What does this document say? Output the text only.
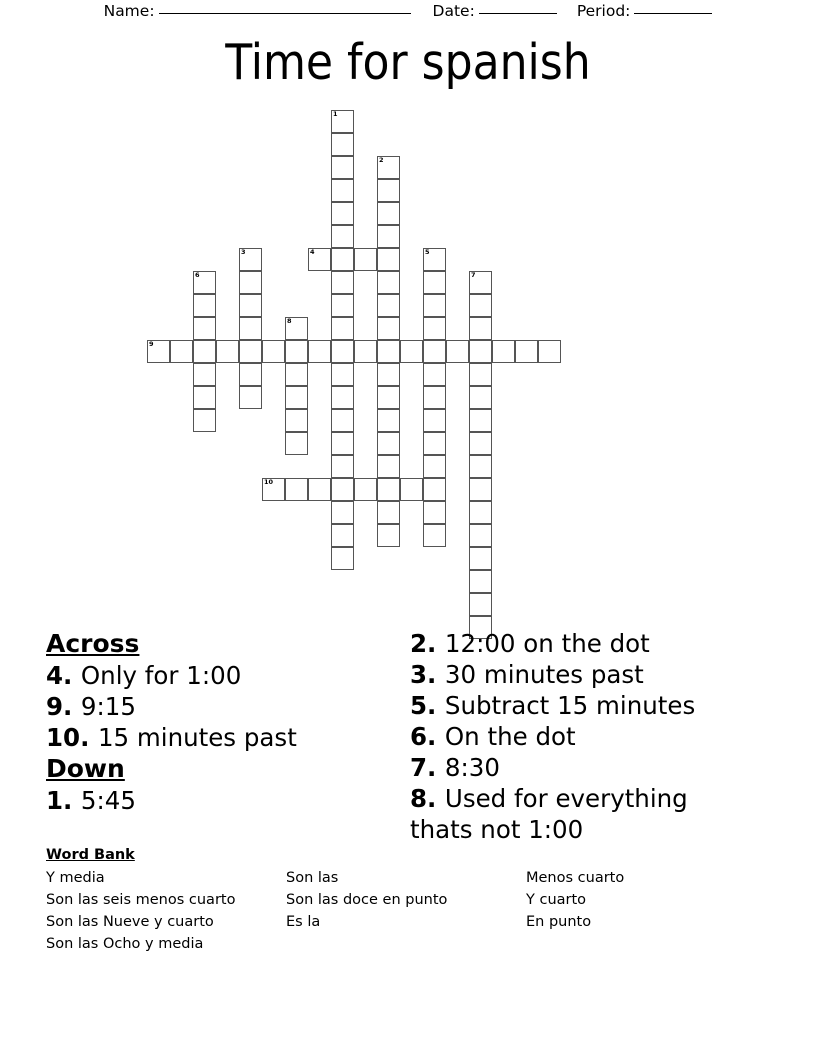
Name:	Date:	Period:
Time for spanish
1
2
3	4	5
6	7
8
9
10
Across
4. Only for 1:00
9. 9:15
10. 15 minutes past
Down
1. 5:45
2. 12:00 on the dot
3. 30 minutes past
5. Subtract 15 minutes
6. On the dot
7. 8:30
8. Used for everything thats not 1:00
Word Bank
Y media	Son las	Menos cuarto
Son las seis menos cuarto	Son las doce en punto	Y cuarto
Son las Nueve y cuarto	Es la	En punto
Son las Ocho y media
